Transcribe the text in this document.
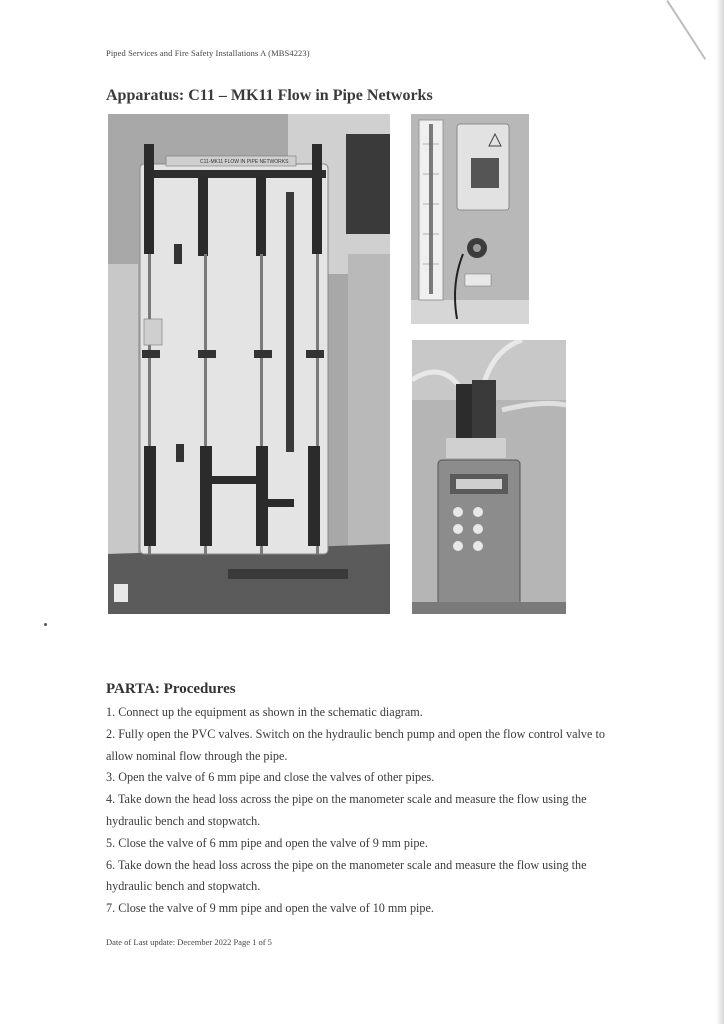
Piped Services and Fire Safety Installations A (MBS4223)
Apparatus: C11 – MK11 Flow in Pipe Networks
C11-MK11 FLOW IN PIPE NETWORKS
PARTA: Procedures

1. Connect up the equipment as shown in the schematic diagram.

2. Fully open the PVC valves. Switch on the hydraulic bench pump and open the flow control valve to allow nominal flow through the pipe.

3. Open the valve of 6 mm pipe and close the valves of other pipes.

4. Take down the head loss across the pipe on the manometer scale and measure the flow using the hydraulic bench and stopwatch.

5. Close the valve of 6 mm pipe and open the valve of 9 mm pipe.

6. Take down the head loss across the pipe on the manometer scale and measure the flow using the hydraulic bench and stopwatch.

7. Close the valve of 9 mm pipe and open the valve of 10 mm pipe.

Date of Last update: December 2022 Page 1 of 5
